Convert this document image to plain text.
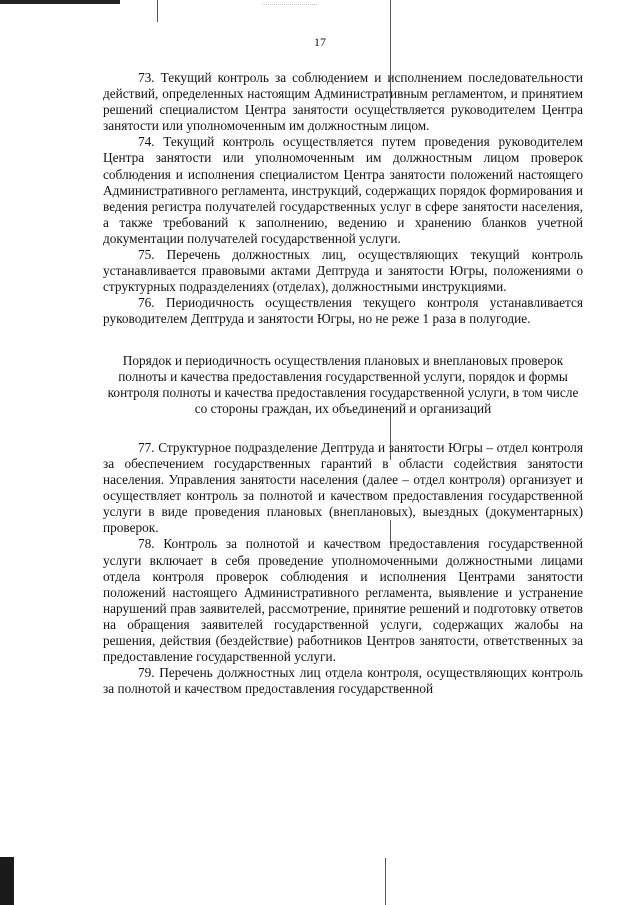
17

73. Текущий контроль за соблюдением и исполнением последовательности действий, определенных настоящим Административным регламентом, и принятием решений специалистом Центра занятости осуществляется руководителем Центра занятости или уполномоченным им должностным лицом.

74. Текущий контроль осуществляется путем проведения руководителем Центра занятости или уполномоченным им должностным лицом проверок соблюдения и исполнения специалистом Центра занятости положений настоящего Административного регламента, инструкций, содержащих порядок формирования и ведения регистра получателей государственных услуг в сфере занятости населения, а также требований к заполнению, ведению и хранению бланков учетной документации получателей государственной услуги.

75. Перечень должностных лиц, осуществляющих текущий контроль устанавливается правовыми актами Дептруда и занятости Югры, положениями о структурных подразделениях (отделах), должностными инструкциями.

76. Периодичность осуществления текущего контроля устанавливается руководителем Дептруда и занятости Югры, но не реже 1 раза в полугодие.

Порядок и периодичность осуществления плановых и внеплановых проверок полноты и качества предоставления государственной услуги, порядок и формы контроля полноты и качества предоставления государственной услуги, в том числе со стороны граждан, их объединений и организаций

77. Структурное подразделение Дептруда и занятости Югры – отдел контроля за обеспечением государственных гарантий в области содействия занятости населения. Управления занятости населения (далее – отдел контроля) организует и осуществляет контроль за полнотой и качеством предоставления государственной услуги в виде проведения плановых (внеплановых), выездных (документарных) проверок.

78. Контроль за полнотой и качеством предоставления государственной услуги включает в себя проведение уполномоченными должностными лицами отдела контроля проверок соблюдения и исполнения Центрами занятости положений настоящего Административного регламента, выявление и устранение нарушений прав заявителей, рассмотрение, принятие решений и подготовку ответов на обращения заявителей государственной услуги, содержащих жалобы на решения, действия (бездействие) работников Центров занятости, ответственных за предоставление государственной услуги.

79. Перечень должностных лиц отдела контроля, осуществляющих контроль за полнотой и качеством предоставления государственной
